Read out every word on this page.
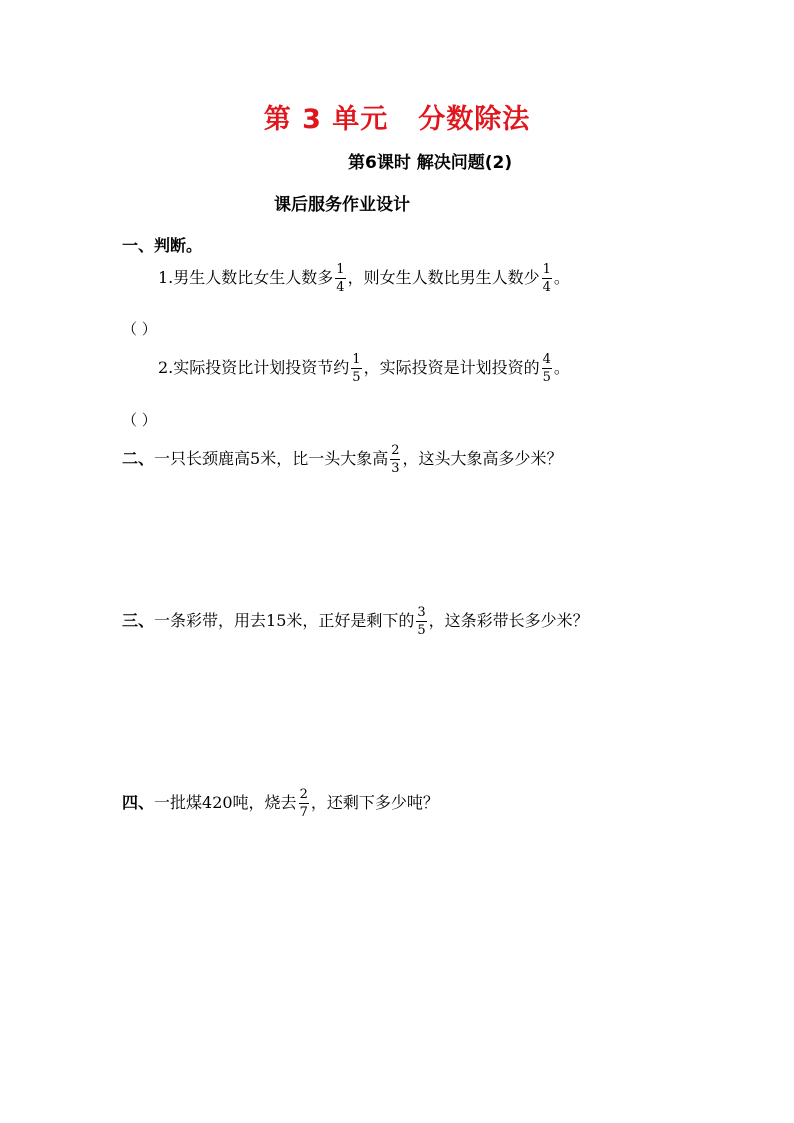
第 3 单元 分数除法
第6课时 解决问题(2)
课后服务作业设计
一、判断。
1.男生人数比女生人数多 $\frac{1}{4}$ ，则女生人数比男生人数少 $\frac{1}{4}$ 。
（ ）
2.实际投资比计划投资节约 $\frac{1}{5}$ ，实际投资是计划投资的 $\frac{4}{5}$ 。
（ ）
二、一只长颈鹿高5米，比一头大象高 $\frac{2}{3}$ ，这头大象高多少米？
三、一条彩带，用去15米，正好是剩下的 $\frac{3}{5}$ ，这条彩带长多少米？
四、一批煤420吨，烧去 $\frac{2}{7}$ ，还剩下多少吨？
